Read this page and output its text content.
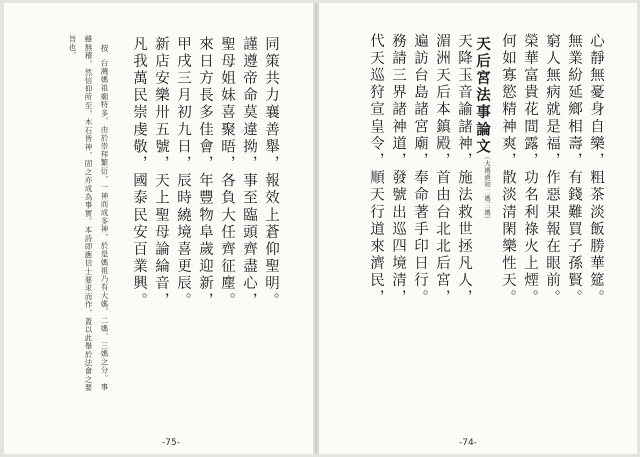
同策共力襄善舉，報效上蒼仰聖明。
謹遵帝命莫違拗，事至臨頭齊盡心，
聖母姐妹喜聚晤，各負大任齊征塵。
來日方長多佳會，年豐物阜歲迎新，
甲戌三月初九日，辰時繞境喜更辰。
新店安樂卅五號，天上聖母論綸音，
凡我萬民崇虔敬，國泰民安百業興。
按
台灣媽祖廟特多，由於崇拜繁衍，一神而成多神，於是媽祖乃有大媽、二媽、三媽之分。事
雖無稽，然信仰所至，木石皆神，固之亦成為事實。本詩即應信士要求而作，蓋以此舉於法會之要
旨也。
-75-
心靜無憂身自樂，粗茶淡飯勝華筵。
無業紛延鄉相壽，有錢難買子孫賢。
窮人無病就是福，作惡果報在眼前。
榮華富貴花間露，功名利祿火上煙。
何如寡慾精神爽，散淡清閑樂性天。
天后宮法事論文
（大媽過知二媽三媽）
天降玉音諭諸神，施法救世拯凡人，
湄洲天后本鎮殿，首由台北北后宮，
遍訪台島諸宮廟，奉命著手印日行。
務請三界諸神道，發號出巡四境清，
代天巡狩宣皇令，順天行道來濟民，
-74-
